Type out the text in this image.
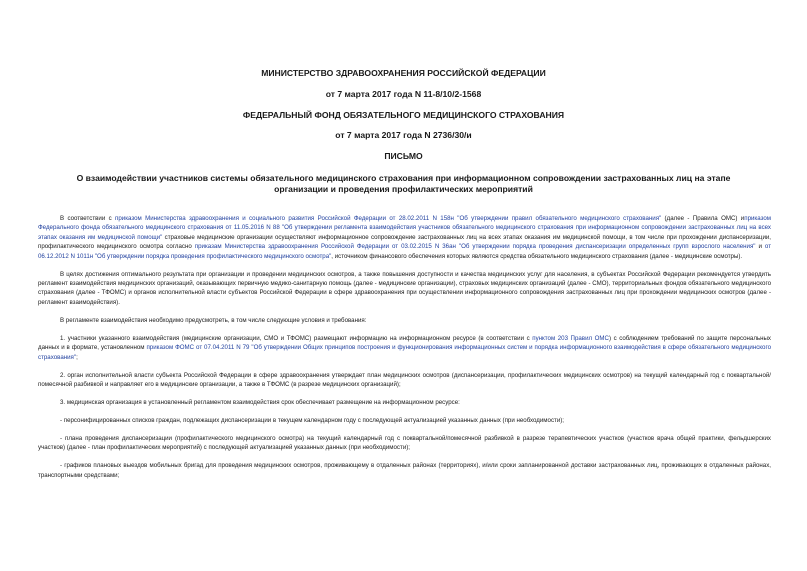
МИНИСТЕРСТВО ЗДРАВООХРАНЕНИЯ РОССИЙСКОЙ ФЕДЕРАЦИИ

от 7 марта 2017 года N 11-8/10/2-1568

ФЕДЕРАЛЬНЫЙ ФОНД ОБЯЗАТЕЛЬНОГО МЕДИЦИНСКОГО СТРАХОВАНИЯ

от 7 марта 2017 года N 2736/30/и

ПИСЬМО

О взаимодействии участников системы обязательного медицинского страхования при информационном сопровождении застрахованных лиц на этапе организации и проведения профилактических мероприятий

В соответствии с приказом Министерства здравоохранения и социального развития Российской Федерации от 28.02.2011 N 158н "Об утверждении правил обязательного медицинского страхования" (далее - Правила ОМС) иприказом Федерального фонда обязательного медицинского страхования от 11.05.2016 N 88 "Об утверждении регламента взаимодействия участников обязательного медицинского страхования при информационном сопровождении застрахованных лиц на всех этапах оказания им медицинской помощи" страховые медицинские организации осуществляют информационное сопровождение застрахованных лиц на всех этапах оказания им медицинской помощи, в том числе при прохождении диспансеризации, профилактического медицинского осмотра согласно приказам Министерства здравоохранения Российской Федерации от 03.02.2015 N 36ан "Об утверждении порядка проведения диспансеризации определенных групп взрослого населения" и от 06.12.2012 N 1011н "Об утверждении порядка проведения профилактического медицинского осмотра", источником финансового обеспечения которых являются средства обязательного медицинского страхования (далее - медицинские осмотры).

В целях достижения оптимального результата при организации и проведении медицинских осмотров, а также повышения доступности и качества медицинских услуг для населения, в субъектах Российской Федерации рекомендуется утвердить регламент взаимодействия медицинских организаций, оказывающих первичную медико-санитарную помощь (далее - медицинские организации), страховых медицинских организаций (далее - СМО), территориальных фондов обязательного медицинского страхования (далее - ТФОМС) и органов исполнительной власти субъектов Российской Федерации в сфере здравоохранения при осуществлении информационного сопровождения застрахованных лиц при прохождении медицинских осмотров (далее - регламент взаимодействия).

В регламенте взаимодействия необходимо предусмотреть, в том числе следующие условия и требования:

1. участники указанного взаимодействия (медицинские организации, СМО и ТФОМС) размещают информацию на информационном ресурсе (в соответствии с пунктом 203 Правил ОМС) с соблюдением требований по защите персональных данных и в формате, установленном приказом ФОМС от 07.04.2011 N 79 "Об утверждении Общих принципов построения и функционирования информационных систем и порядка информационного взаимодействия в сфере обязательного медицинского страхования";

2. орган исполнительной власти субъекта Российской Федерации в сфере здравоохранения утверждает план медицинских осмотров (диспансеризации, профилактических медицинских осмотров) на текущий календарный год с поквартальной/помесячной разбивкой и направляет его в медицинские организации, а также в ТФОМС (в разрезе медицинских организаций);

3. медицинская организация в установленный регламентом взаимодействия срок обеспечивает размещение на информационном ресурсе:

- персонифицированных списков граждан, подлежащих диспансеризации в текущем календарном году с последующей актуализацией указанных данных (при необходимости);

- плана проведения диспансеризации (профилактического медицинского осмотра) на текущий календарный год с поквартальной/помесячной разбивкой в разрезе терапевтических участков (участков врача общей практики, фельдшерских участков) (далее - план профилактических мероприятий) с последующей актуализацией указанных данных (при необходимости);

- графиков плановых выездов мобильных бригад для проведения медицинских осмотров, проживающему в отдаленных районах (территориях), и/или сроки запланированной доставки застрахованных лиц, проживающих в отдаленных районах, транспортными средствами;
